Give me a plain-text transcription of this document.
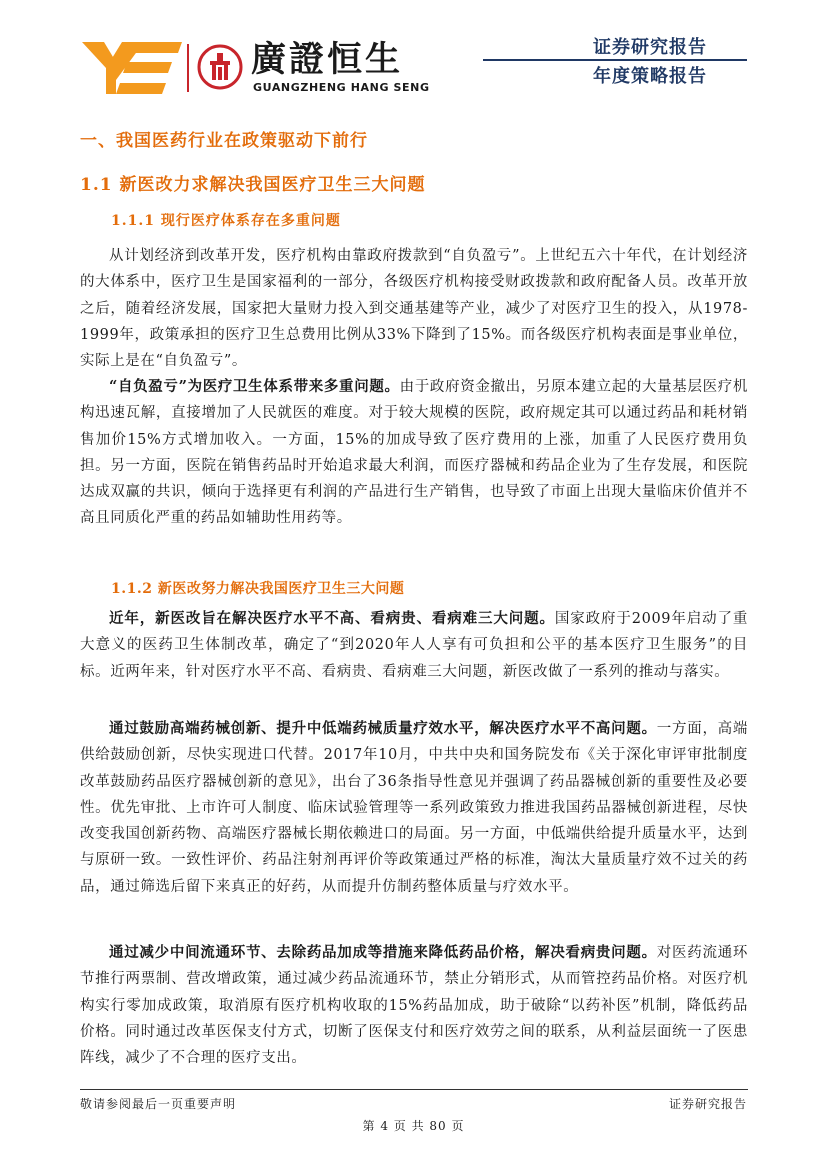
廣證恒生
GUANGZHENG HANG SENG
证券研究报告
年度策略报告
一、我国医药行业在政策驱动下前行
1.1 新医改力求解决我国医疗卫生三大问题
1.1.1 现行医疗体系存在多重问题

从计划经济到改革开发，医疗机构由靠政府拨款到“自负盈亏”。上世纪五六十年代，在计划经济的大体系中，医疗卫生是国家福利的一部分，各级医疗机构接受财政拨款和政府配备人员。改革开放之后，随着经济发展，国家把大量财力投入到交通基建等产业，减少了对医疗卫生的投入，从1978-1999年，政策承担的医疗卫生总费用比例从33%下降到了15%。而各级医疗机构表面是事业单位，实际上是在“自负盈亏”。

“自负盈亏”为医疗卫生体系带来多重问题。由于政府资金撤出，另原本建立起的大量基层医疗机构迅速瓦解，直接增加了人民就医的难度。对于较大规模的医院，政府规定其可以通过药品和耗材销售加价15%方式增加收入。一方面，15%的加成导致了医疗费用的上涨，加重了人民医疗费用负担。另一方面，医院在销售药品时开始追求最大利润，而医疗器械和药品企业为了生存发展，和医院达成双赢的共识，倾向于选择更有利润的产品进行生产销售，也导致了市面上出现大量临床价值并不高且同质化严重的药品如辅助性用药等。

1.1.2 新医改努力解决我国医疗卫生三大问题

近年，新医改旨在解决医疗水平不高、看病贵、看病难三大问题。国家政府于2009年启动了重大意义的医药卫生体制改革，确定了“到2020年人人享有可负担和公平的基本医疗卫生服务”的目标。近两年来，针对医疗水平不高、看病贵、看病难三大问题，新医改做了一系列的推动与落实。

通过鼓励高端药械创新、提升中低端药械质量疗效水平，解决医疗水平不高问题。一方面，高端供给鼓励创新，尽快实现进口代替。2017年10月，中共中央和国务院发布《关于深化审评审批制度改革鼓励药品医疗器械创新的意见》，出台了36条指导性意见并强调了药品器械创新的重要性及必要性。优先审批、上市许可人制度、临床试验管理等一系列政策致力推进我国药品器械创新进程，尽快改变我国创新药物、高端医疗器械长期依赖进口的局面。另一方面，中低端供给提升质量水平，达到与原研一致。一致性评价、药品注射剂再评价等政策通过严格的标准，淘汰大量质量疗效不过关的药品，通过筛选后留下来真正的好药，从而提升仿制药整体质量与疗效水平。

通过减少中间流通环节、去除药品加成等措施来降低药品价格，解决看病贵问题。对医药流通环节推行两票制、营改增政策，通过减少药品流通环节，禁止分销形式，从而管控药品价格。对医疗机构实行零加成政策，取消原有医疗机构收取的15%药品加成，助于破除“以药补医”机制，降低药品价格。同时通过改革医保支付方式，切断了医保支付和医疗效劳之间的联系，从利益层面统一了医患阵线，减少了不合理的医疗支出。

敬请参阅最后一页重要声明	证券研究报告
第 4 页 共 80 页
